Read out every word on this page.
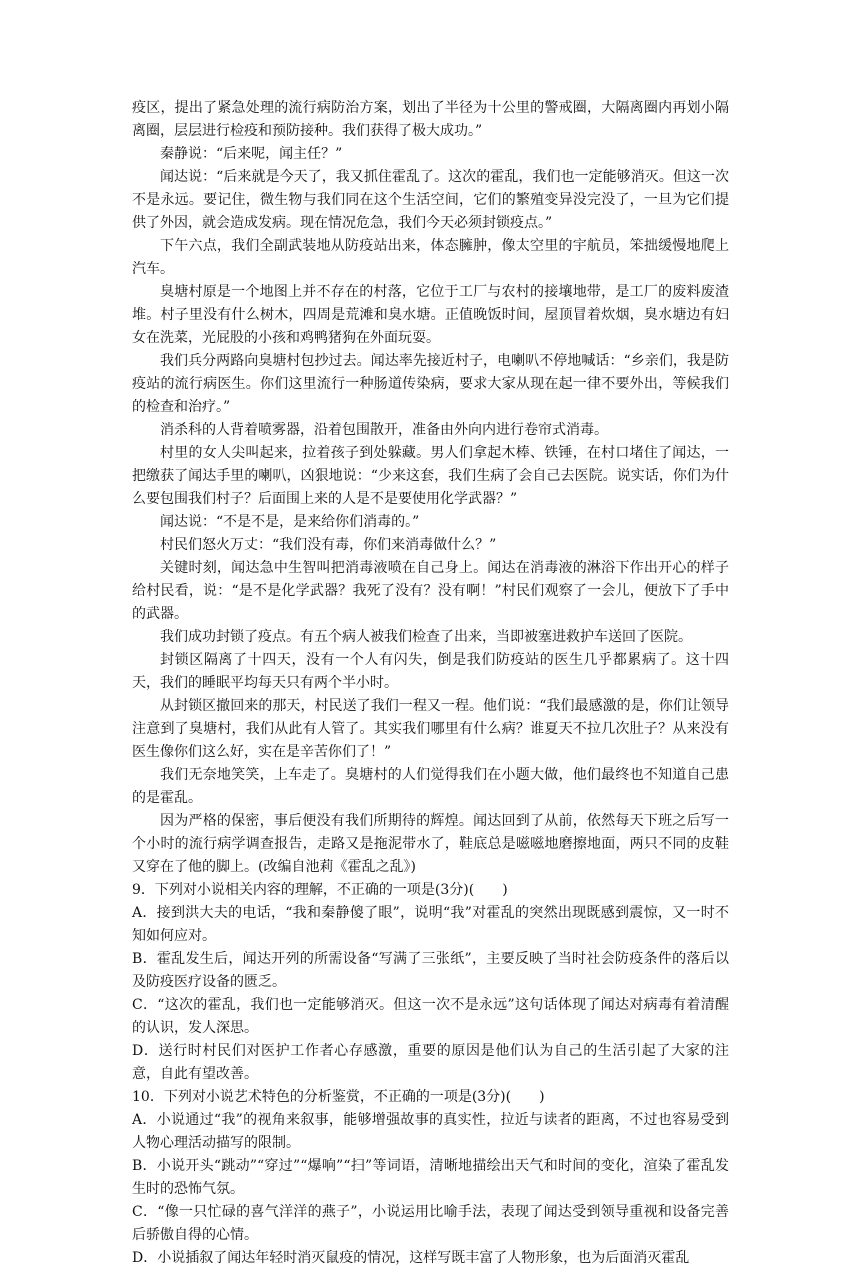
疫区，提出了紧急处理的流行病防治方案，划出了半径为十公里的警戒圈，大隔离圈内再划小隔离圈，层层进行检疫和预防接种。我们获得了极大成功。”

秦静说：“后来呢，闻主任？”

闻达说：“后来就是今天了，我又抓住霍乱了。这次的霍乱，我们也一定能够消灭。但这一次不是永远。要记住，微生物与我们同在这个生活空间，它们的繁殖变异没完没了，一旦为它们提供了外因，就会造成发病。现在情况危急，我们今天必须封锁疫点。”

下午六点，我们全副武装地从防疫站出来，体态臃肿，像太空里的宇航员，笨拙缓慢地爬上汽车。

臭塘村原是一个地图上并不存在的村落，它位于工厂与农村的接壤地带，是工厂的废料废渣堆。村子里没有什么树木，四周是荒滩和臭水塘。正值晚饭时间，屋顶冒着炊烟，臭水塘边有妇女在洗菜，光屁股的小孩和鸡鸭猪狗在外面玩耍。

我们兵分两路向臭塘村包抄过去。闻达率先接近村子，电喇叭不停地喊话：“乡亲们，我是防疫站的流行病医生。你们这里流行一种肠道传染病，要求大家从现在起一律不要外出，等候我们的检查和治疗。”

消杀科的人背着喷雾器，沿着包围散开，准备由外向内进行卷帘式消毒。

村里的女人尖叫起来，拉着孩子到处躲藏。男人们拿起木棒、铁锤，在村口堵住了闻达，一把缴获了闻达手里的喇叭，凶狠地说：“少来这套，我们生病了会自己去医院。说实话，你们为什么要包围我们村子？后面围上来的人是不是要使用化学武器？”

闻达说：“不是不是，是来给你们消毒的。”

村民们怒火万丈：“我们没有毒，你们来消毒做什么？”

关键时刻，闻达急中生智叫把消毒液喷在自己身上。闻达在消毒液的淋浴下作出开心的样子给村民看，说：“是不是化学武器？我死了没有？没有啊！”村民们观察了一会儿，便放下了手中的武器。

我们成功封锁了疫点。有五个病人被我们检查了出来，当即被塞进救护车送回了医院。

封锁区隔离了十四天，没有一个人有闪失，倒是我们防疫站的医生几乎都累病了。这十四天，我们的睡眠平均每天只有两个半小时。

从封锁区撤回来的那天，村民送了我们一程又一程。他们说：“我们最感激的是，你们让领导注意到了臭塘村，我们从此有人管了。其实我们哪里有什么病？谁夏天不拉几次肚子？从来没有医生像你们这么好，实在是辛苦你们了！”

我们无奈地笑笑，上车走了。臭塘村的人们觉得我们在小题大做，他们最终也不知道自己患的是霍乱。

因为严格的保密，事后便没有我们所期待的辉煌。闻达回到了从前，依然每天下班之后写一个小时的流行病学调查报告，走路又是拖泥带水了，鞋底总是嗞嗞地磨擦地面，两只不同的皮鞋又穿在了他的脚上。(改编自池莉《霍乱之乱》)

9．下列对小说相关内容的理解，不正确的一项是(3分)(　　)

A．接到洪大夫的电话，“我和秦静傻了眼”，说明“我”对霍乱的突然出现既感到震惊，又一时不知如何应对。

B．霍乱发生后，闻达开列的所需设备“写满了三张纸”，主要反映了当时社会防疫条件的落后以及防疫医疗设备的匮乏。

C．“这次的霍乱，我们也一定能够消灭。但这一次不是永远”这句话体现了闻达对病毒有着清醒的认识，发人深思。

D．送行时村民们对医护工作者心存感激，重要的原因是他们认为自己的生活引起了大家的注意，自此有望改善。

10．下列对小说艺术特色的分析鉴赏，不正确的一项是(3分)(　　)

A．小说通过“我”的视角来叙事，能够增强故事的真实性，拉近与读者的距离，不过也容易受到人物心理活动描写的限制。

B．小说开头“跳动”“穿过”“爆响”“扫”等词语，清晰地描绘出天气和时间的变化，渲染了霍乱发生时的恐怖气氛。

C．“像一只忙碌的喜气洋洋的燕子”，小说运用比喻手法，表现了闻达受到领导重视和设备完善后骄傲自得的心情。

D．小说插叙了闻达年轻时消灭鼠疫的情况，这样写既丰富了人物形象，也为后面消灭霍乱
